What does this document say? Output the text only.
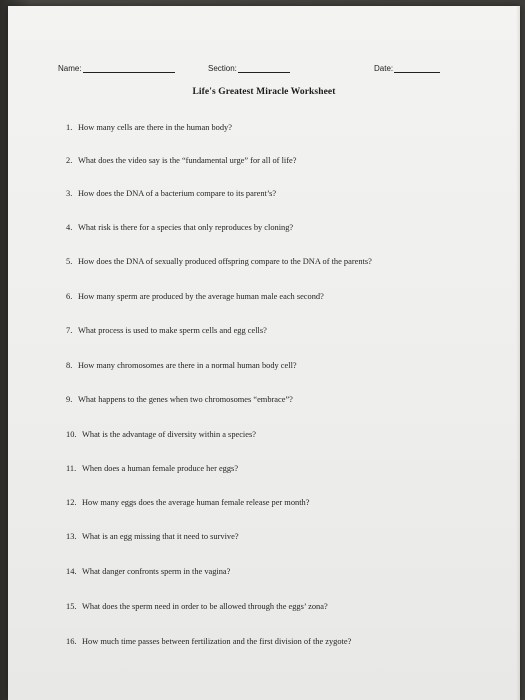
Name:	Section:	Date:
Life's Greatest Miracle Worksheet
1. How many cells are there in the human body?
2. What does the video say is the “fundamental urge” for all of life?
3. How does the DNA of a bacterium compare to its parent’s?
4. What risk is there for a species that only reproduces by cloning?
5. How does the DNA of sexually produced offspring compare to the DNA of the parents?
6. How many sperm are produced by the average human male each second?
7. What process is used to make sperm cells and egg cells?
8. How many chromosomes are there in a normal human body cell?
9. What happens to the genes when two chromosomes “embrace”?
10. What is the advantage of diversity within a species?
11. When does a human female produce her eggs?
12. How many eggs does the average human female release per month?
13. What is an egg missing that it need to survive?
14. What danger confronts sperm in the vagina?
15. What does the sperm need in order to be allowed through the eggs’ zona?
16. How much time passes between fertilization and the first division of the zygote?
